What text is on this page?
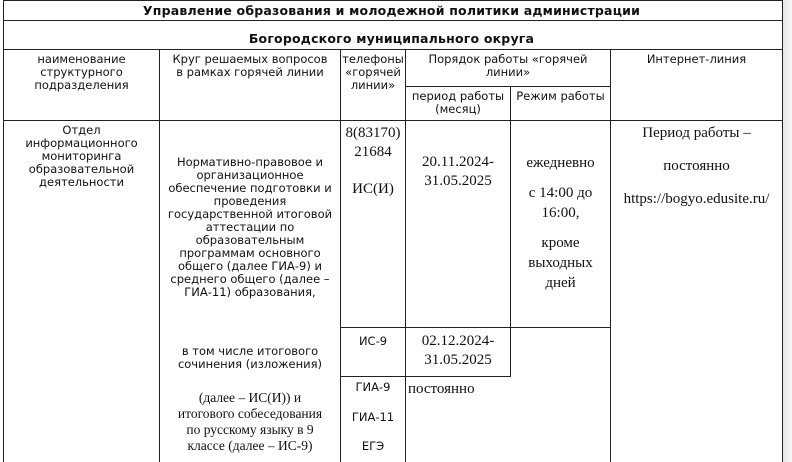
Управление образования и молодежной политики администрации
Богородского муниципального округа
наименование
структурного
подразделения
Круг решаемых вопросов
в рамках горячей линии
телефоны
«горячей
линии»
Порядок работы «горячей
линии»
период работы
(месяц)
Режим работы
Интернет-линия
Отдел
информационного
мониторинга
образовательной
деятельности
Нормативно-правовое и
организационное
обеспечение подготовки и
проведения
государственной итоговой
аттестации по
образовательным
программам основного
общего (далее ГИА-9) и
среднего общего (далее –
ГИА-11) образования,
в том числе итогового
сочинения (изложения)
(далее – ИС(И)) и
итогового собеседования
по русскому языку в 9
классе (далее – ИС-9)
8(83170)
21684
ИС(И)
ИС-9
ГИА-9
ГИА-11
ЕГЭ
20.11.2024-
31.05.2025
02.12.2024-
31.05.2025
постоянно
ежедневно
с 14:00 до
16:00,
кроме
выходных
дней
Период работы –
постоянно
https://bogyo.edusite.ru/
